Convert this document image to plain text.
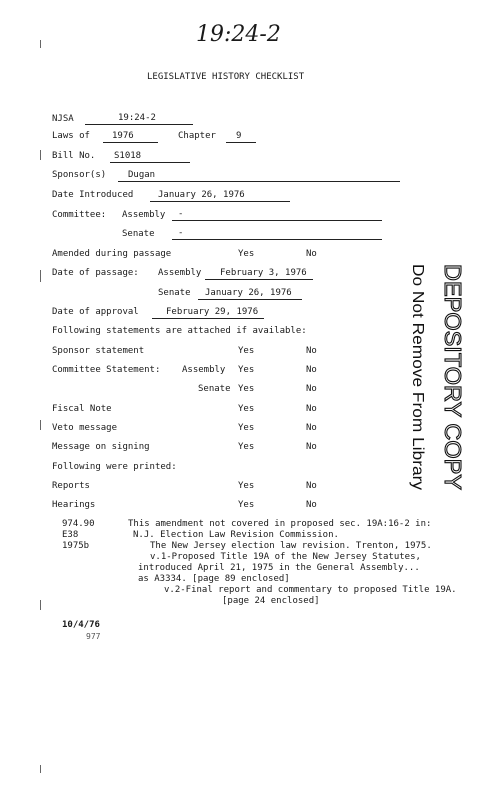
19:24-2
LEGISLATIVE HISTORY CHECKLIST
NJSA	19:24-2
Laws of 1976	Chapter 9
Bill No. S1018
Sponsor(s) Dugan
Date Introduced	January 26, 1976
Committee: Assembly -
Senate	-
Amended during passage	Yes	No
Date of passage: Assembly February 3, 1976
Senate January 26, 1976
Date of approval	February 29, 1976
Following statements are attached if available:
Sponsor statement	Yes	No
Committee Statement: Assembly Yes	No
Senate Yes	No
Fiscal Note	Yes	No
Veto message	Yes	No
Message on signing	Yes	No
Following were printed:
Reports	Yes	No
Hearings	Yes	No
974.90
E38
1975b
This amendment not covered in proposed sec. 19A:16-2 in:
N.J. Election Law Revision Commission.
The New Jersey election law revision. Trenton, 1975.
v.1-Proposed Title 19A of the New Jersey Statutes,
introduced April 21, 1975 in the General Assembly...
as A3334. [page 89 enclosed]
v.2-Final report and commentary to proposed Title 19A.
[page 24 enclosed]
10/4/76
977
DEPOSITORY COPY
Do Not Remove From Library
